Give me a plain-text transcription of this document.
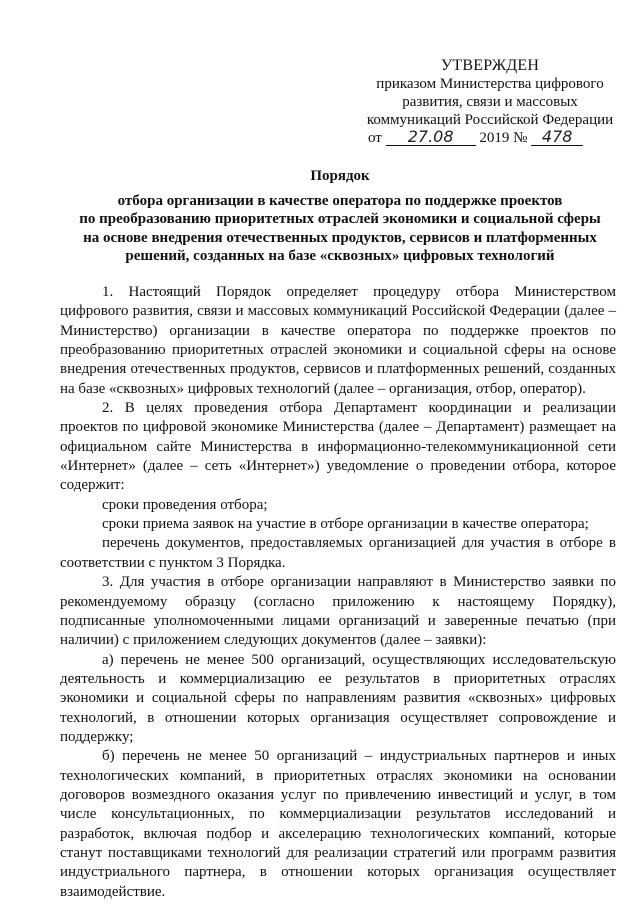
УТВЕРЖДЕН
приказом Министерства цифрового
развития, связи и массовых
коммуникаций Российской Федерации
от 27.08 2019 № 478
Порядок
отбора организации в качестве оператора по поддержке проектов
по преобразованию приоритетных отраслей экономики и социальной сферы
на основе внедрения отечественных продуктов, сервисов и платформенных
решений, созданных на базе «сквозных» цифровых технологий

1. Настоящий Порядок определяет процедуру отбора Министерством цифрового развития, связи и массовых коммуникаций Российской Федерации (далее – Министерство) организации в качестве оператора по поддержке проектов по преобразованию приоритетных отраслей экономики и социальной сферы на основе внедрения отечественных продуктов, сервисов и платформенных решений, созданных на базе «сквозных» цифровых технологий (далее – организация, отбор, оператор).

2. В целях проведения отбора Департамент координации и реализации проектов по цифровой экономике Министерства (далее – Департамент) размещает на официальном сайте Министерства в информационно-телекоммуникационной сети «Интернет» (далее – сеть «Интернет») уведомление о проведении отбора, которое содержит:

сроки проведения отбора;

сроки приема заявок на участие в отборе организации в качестве оператора;

перечень документов, предоставляемых организацией для участия в отборе в соответствии с пунктом 3 Порядка.

3. Для участия в отборе организации направляют в Министерство заявки по рекомендуемому образцу (согласно приложению к настоящему Порядку), подписанные уполномоченными лицами организаций и заверенные печатью (при наличии) с приложением следующих документов (далее – заявки):

а) перечень не менее 500 организаций, осуществляющих исследовательскую деятельность и коммерциализацию ее результатов в приоритетных отраслях экономики и социальной сферы по направлениям развития «сквозных» цифровых технологий, в отношении которых организация осуществляет сопровождение и поддержку;

б) перечень не менее 50 организаций – индустриальных партнеров и иных технологических компаний, в приоритетных отраслях экономики на основании договоров возмездного оказания услуг по привлечению инвестиций и услуг, в том числе консультационных, по коммерциализации результатов исследований и разработок, включая подбор и акселерацию технологических компаний, которые станут поставщиками технологий для реализации стратегий или программ развития индустриального партнера, в отношении которых организация осуществляет взаимодействие.
